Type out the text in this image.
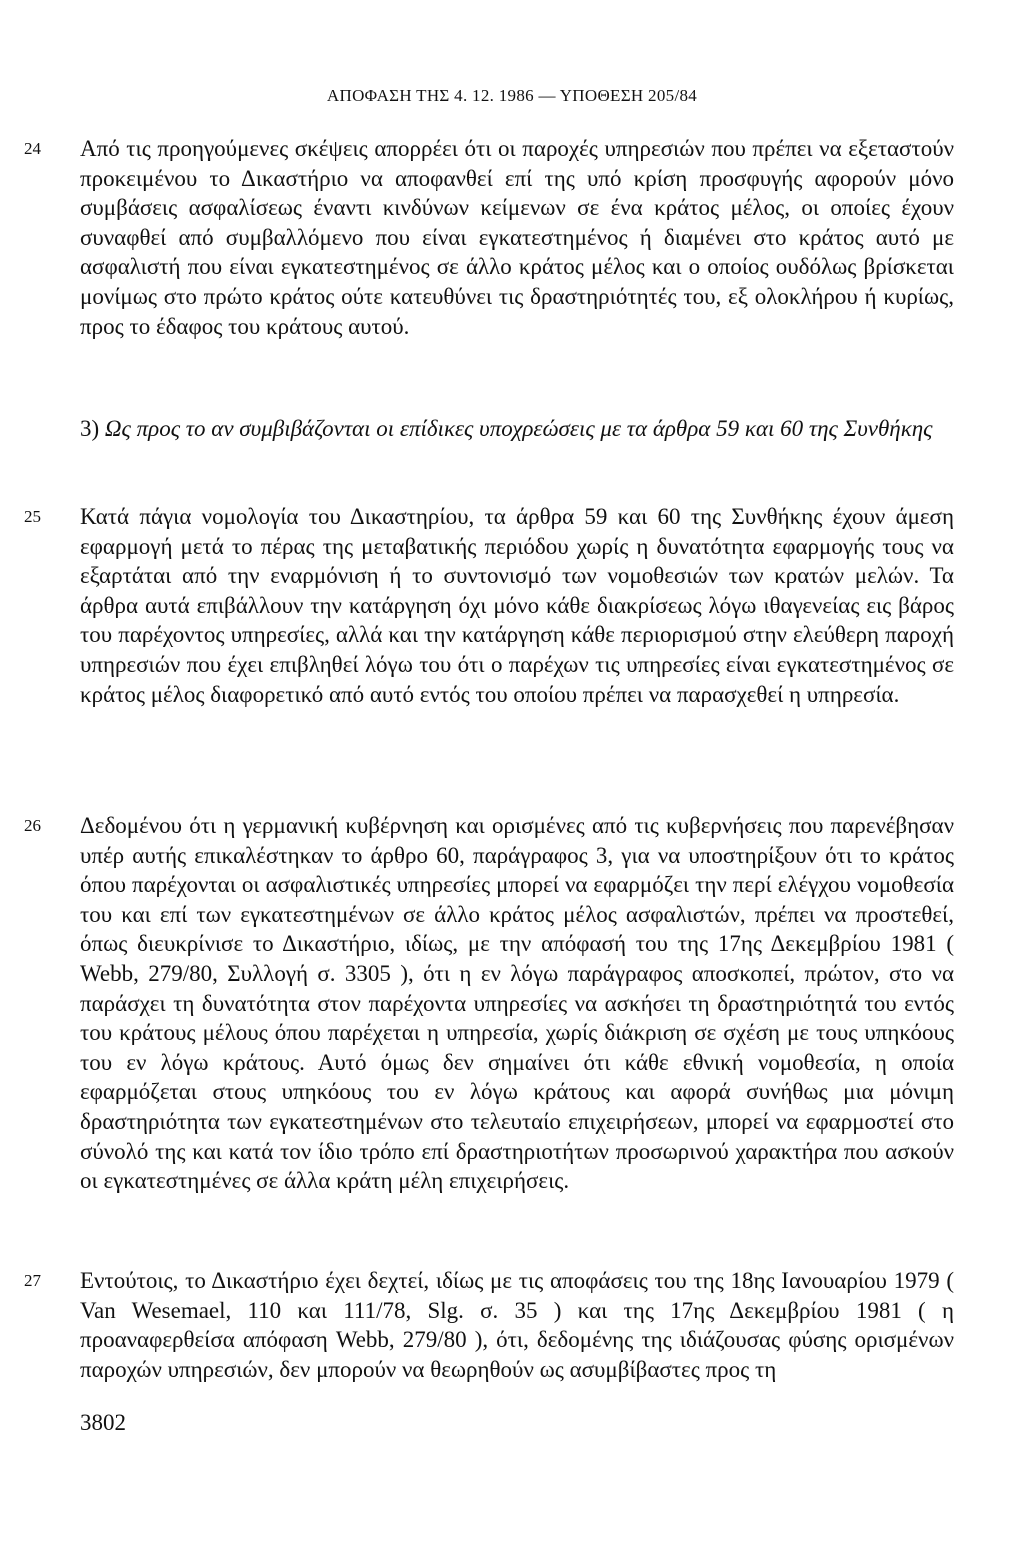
ΑΠΟΦΑΣΗ ΤΗΣ 4. 12. 1986 — ΥΠΟΘΕΣΗ 205/84
24 Από τις προηγούμενες σκέψεις απορρέει ότι οι παροχές υπηρεσιών που πρέπει να εξεταστούν προκειμένου το Δικαστήριο να αποφανθεί επί της υπό κρίση προσφυγής αφορούν μόνο συμβάσεις ασφαλίσεως έναντι κινδύνων κείμενων σε ένα κράτος μέλος, οι οποίες έχουν συναφθεί από συμβαλλόμενο που είναι εγκατεστημένος ή διαμένει στο κράτος αυτό με ασφαλιστή που είναι εγκατεστημένος σε άλλο κράτος μέλος και ο οποίος ουδόλως βρίσκεται μονίμως στο πρώτο κράτος ούτε κατευθύνει τις δραστηριότητές του, εξ ολοκλήρου ή κυρίως, προς το έδαφος του κράτους αυτού.
3) Ως προς το αν συμβιβάζονται οι επίδικες υποχρεώσεις με τα άρθρα 59 και 60 της Συνθήκης
25 Κατά πάγια νομολογία του Δικαστηρίου, τα άρθρα 59 και 60 της Συνθήκης έχουν άμεση εφαρμογή μετά το πέρας της μεταβατικής περιόδου χωρίς η δυνατότητα εφαρμογής τους να εξαρτάται από την εναρμόνιση ή το συντονισμό των νομοθεσιών των κρατών μελών. Τα άρθρα αυτά επιβάλλουν την κατάργηση όχι μόνο κάθε διακρίσεως λόγω ιθαγενείας εις βάρος του παρέχοντος υπηρεσίες, αλλά και την κατάργηση κάθε περιορισμού στην ελεύθερη παροχή υπηρεσιών που έχει επιβληθεί λόγω του ότι ο παρέχων τις υπηρεσίες είναι εγκατεστημένος σε κράτος μέλος διαφορετικό από αυτό εντός του οποίου πρέπει να παρασχεθεί η υπηρεσία.
26 Δεδομένου ότι η γερμανική κυβέρνηση και ορισμένες από τις κυβερνήσεις που παρενέβησαν υπέρ αυτής επικαλέστηκαν το άρθρο 60, παράγραφος 3, για να υποστηρίξουν ότι το κράτος όπου παρέχονται οι ασφαλιστικές υπηρεσίες μπορεί να εφαρμόζει την περί ελέγχου νομοθεσία του και επί των εγκατεστημένων σε άλλο κράτος μέλος ασφαλιστών, πρέπει να προστεθεί, όπως διευκρίνισε το Δικαστήριο, ιδίως, με την απόφασή του της 17ης Δεκεμβρίου 1981 ( Webb, 279/80, Συλλογή σ. 3305 ), ότι η εν λόγω παράγραφος αποσκοπεί, πρώτον, στο να παράσχει τη δυνατότητα στον παρέχοντα υπηρεσίες να ασκήσει τη δραστηριότητά του εντός του κράτους μέλους όπου παρέχεται η υπηρεσία, χωρίς διάκριση σε σχέση με τους υπηκόους του εν λόγω κράτους. Αυτό όμως δεν σημαίνει ότι κάθε εθνική νομοθεσία, η οποία εφαρμόζεται στους υπηκόους του εν λόγω κράτους και αφορά συνήθως μια μόνιμη δραστηριότητα των εγκατεστημένων στο τελευταίο επιχειρήσεων, μπορεί να εφαρμοστεί στο σύνολό της και κατά τον ίδιο τρόπο επί δραστηριοτήτων προσωρινού χαρακτήρα που ασκούν οι εγκατεστημένες σε άλλα κράτη μέλη επιχειρήσεις.
27 Εντούτοις, το Δικαστήριο έχει δεχτεί, ιδίως με τις αποφάσεις του της 18ης Ιανουαρίου 1979 ( Van Wesemael, 110 και 111/78, Slg. σ. 35 ) και της 17ης Δεκεμβρίου 1981 ( η προαναφερθείσα απόφαση Webb, 279/80 ), ότι, δεδομένης της ιδιάζουσας φύσης ορισμένων παροχών υπηρεσιών, δεν μπορούν να θεωρηθούν ως ασυμβίβαστες προς τη
3802
